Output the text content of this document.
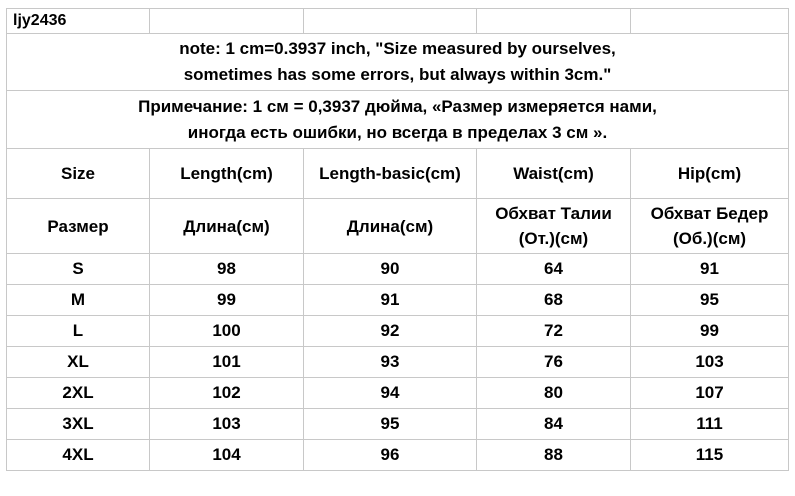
ljy2436				

note: 1 cm=0.3937 inch, "Size measured by ourselves,
sometimes has some errors, but always within 3cm."				

Примечание: 1 см = 0,3937 дюйма, «Размер измеряется нами,
иногда есть ошибки, но всегда в пределах 3 см ».				

Size	Length(cm)	Length-basic(cm)	Waist(cm)	Hip(cm)

Размер	Длина(см)	Длина(см)	Обхват Талии
(От.)(см)	Обхват Бедер
(Об.)(см)

S	98	90	64	91
M	99	91	68	95
L	100	92	72	99
XL	101	93	76	103
2XL	102	94	80	107
3XL	103	95	84	111
4XL	104	96	88	115
